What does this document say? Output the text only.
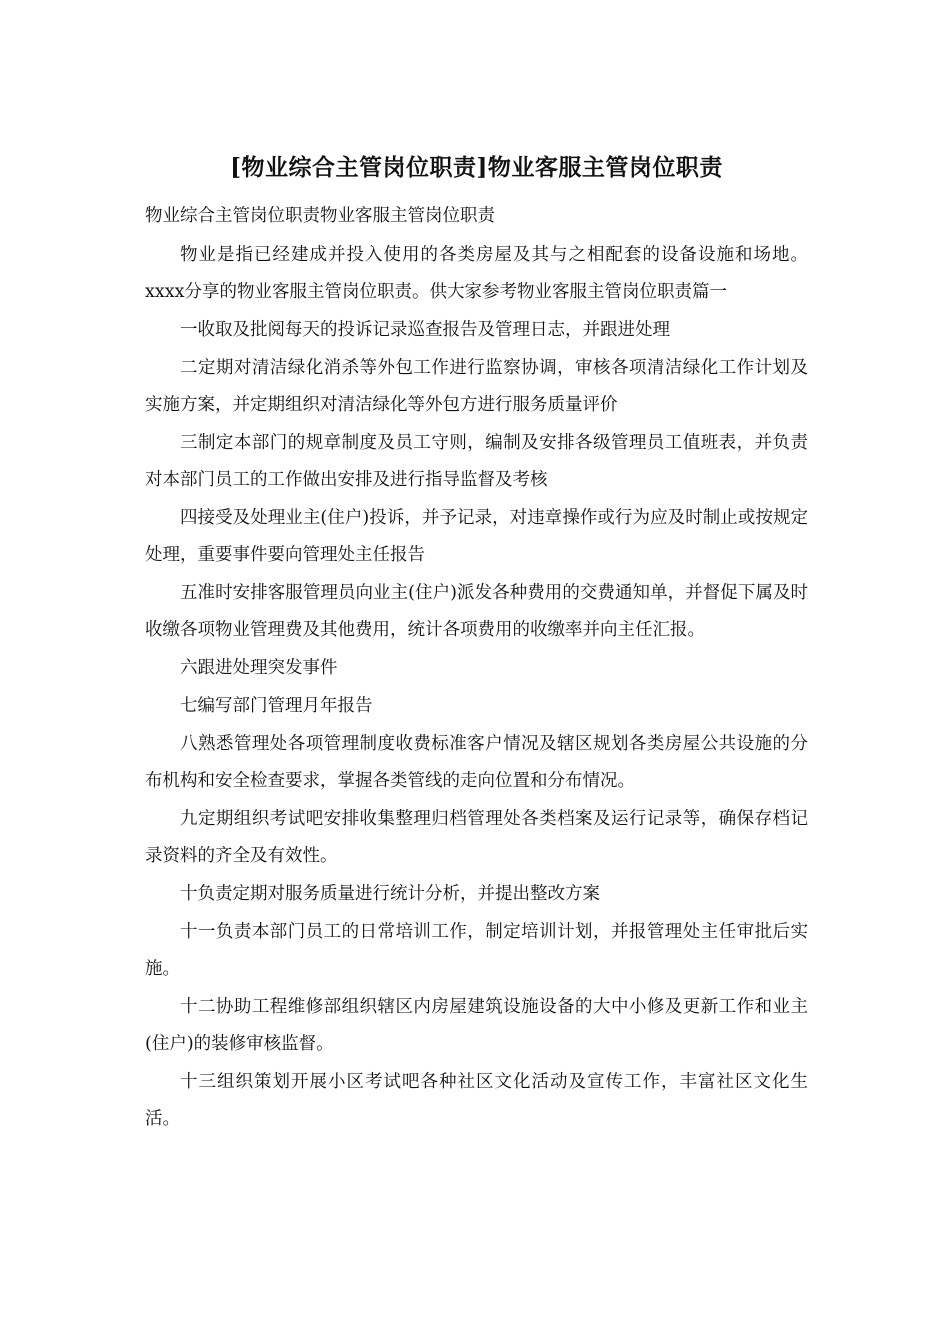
[物业综合主管岗位职责]物业客服主管岗位职责

物业综合主管岗位职责物业客服主管岗位职责

物业是指已经建成并投入使用的各类房屋及其与之相配套的设备设施和场地。xxxx分享的物业客服主管岗位职责。供大家参考物业客服主管岗位职责篇一

一收取及批阅每天的投诉记录巡查报告及管理日志，并跟进处理

二定期对清洁绿化消杀等外包工作进行监察协调，审核各项清洁绿化工作计划及实施方案，并定期组织对清洁绿化等外包方进行服务质量评价

三制定本部门的规章制度及员工守则，编制及安排各级管理员工值班表，并负责对本部门员工的工作做出安排及进行指导监督及考核

四接受及处理业主(住户)投诉，并予记录，对违章操作或行为应及时制止或按规定处理，重要事件要向管理处主任报告

五准时安排客服管理员向业主(住户)派发各种费用的交费通知单，并督促下属及时收缴各项物业管理费及其他费用，统计各项费用的收缴率并向主任汇报。

六跟进处理突发事件

七编写部门管理月年报告

八熟悉管理处各项管理制度收费标准客户情况及辖区规划各类房屋公共设施的分布机构和安全检查要求，掌握各类管线的走向位置和分布情况。

九定期组织考试吧安排收集整理归档管理处各类档案及运行记录等，确保存档记录资料的齐全及有效性。

十负责定期对服务质量进行统计分析，并提出整改方案

十一负责本部门员工的日常培训工作，制定培训计划，并报管理处主任审批后实施。

十二协助工程维修部组织辖区内房屋建筑设施设备的大中小修及更新工作和业主(住户)的装修审核监督。

十三组织策划开展小区考试吧各种社区文化活动及宣传工作，丰富社区文化生活。
